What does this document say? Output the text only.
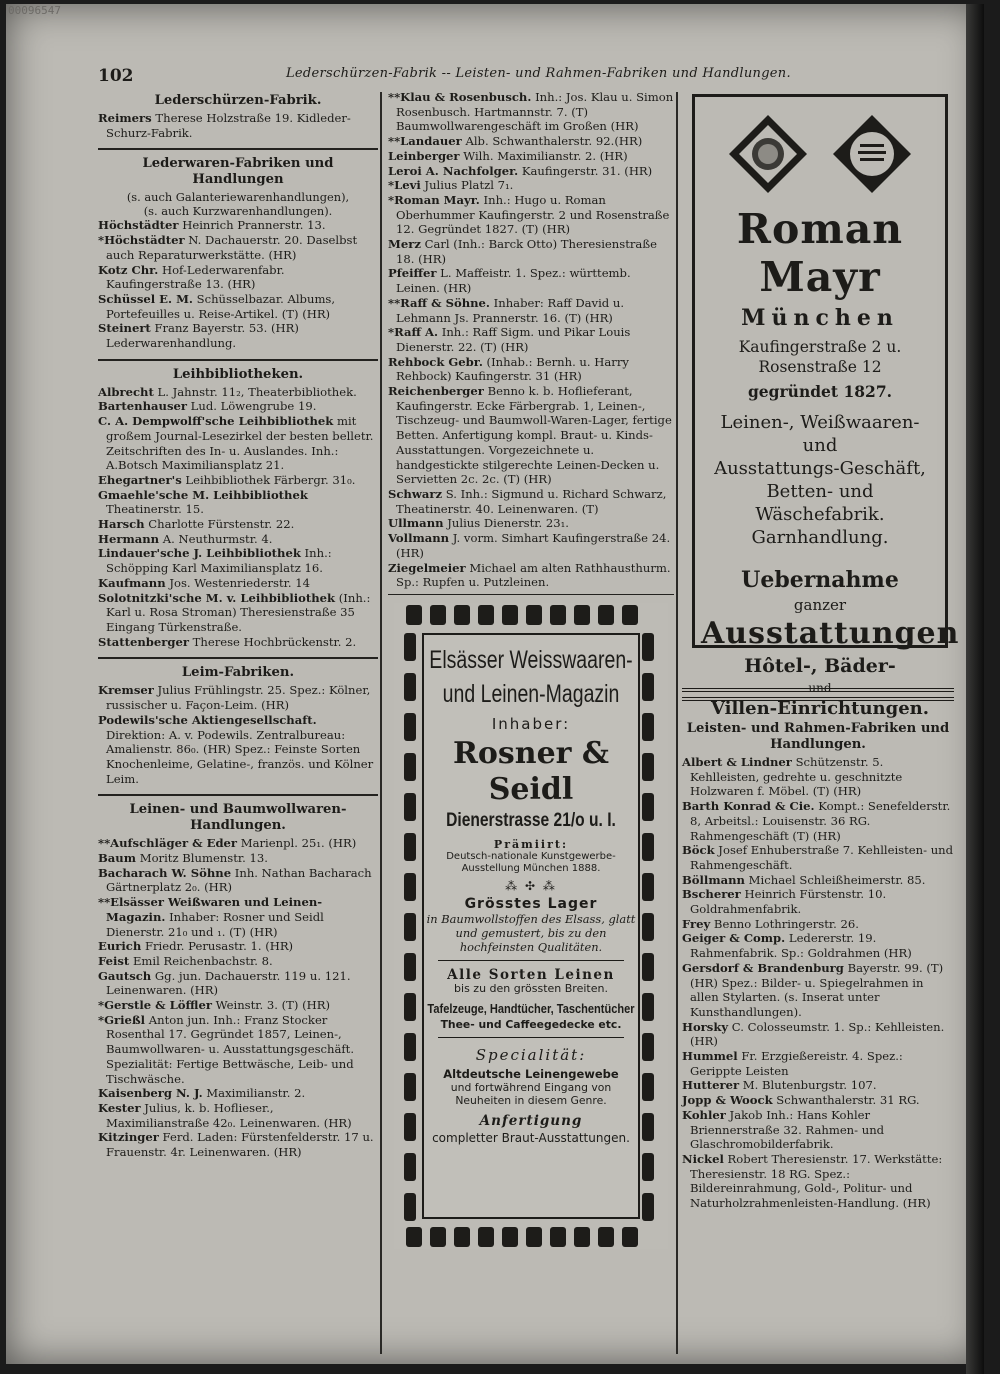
00096547
102	Lederschürzen-Fabrik -- Leisten- und Rahmen-Fabriken und Handlungen.
Lederschürzen-Fabrik.

Reimers Therese Holzstraße 19. Kidleder-Schurz-Fabrik.

Lederwaren-Fabriken und Handlungen
(s. auch Galanteriewarenhandlungen),
(s. auch Kurzwarenhandlungen).

Höchstädter Heinrich Prannerstr. 13.

*Höchstädter N. Dachauerstr. 20. Daselbst auch Reparaturwerkstätte. (HR)

Kotz Chr. Hof-Lederwarenfabr. Kaufingerstraße 13. (HR)

Schüssel E. M. Schüsselbazar. Albums, Portefeuilles u. Reise-Artikel. (T) (HR)

Steinert Franz Bayerstr. 53. (HR) Lederwarenhandlung.

Leihbibliotheken.

Albrecht L. Jahnstr. 11₂, Theaterbibliothek.

Bartenhauser Lud. Löwengrube 19.

C. A. Dempwolff'sche Leihbibliothek mit großem Journal-Lesezirkel der besten belletr. Zeitschriften des In- u. Auslandes. Inh.: A.Botsch Maximiliansplatz 21.

Ehegartner's Leihbibliothek Färbergr. 31₀.

Gmaehle'sche M. Leihbibliothek Theatinerstr. 15.

Harsch Charlotte Fürstenstr. 22.

Hermann A. Neuthurmstr. 4.

Lindauer'sche J. Leihbibliothek Inh.: Schöpping Karl Maximiliansplatz 16.

Kaufmann Jos. Westenriederstr. 14

Solotnitzki'sche M. v. Leihbibliothek (Inh.: Karl u. Rosa Stroman) Theresienstraße 35 Eingang Türkenstraße.

Stattenberger Therese Hochbrückenstr. 2.

Leim-Fabriken.

Kremser Julius Frühlingstr. 25. Spez.: Kölner, russischer u. Façon-Leim. (HR)

Podewils'sche Aktiengesellschaft. Direktion: A. v. Podewils. Zentralbureau: Amalienstr. 86₀. (HR) Spez.: Feinste Sorten Knochenleime, Gelatine-, französ. und Kölner Leim.

Leinen- und Baumwollwaren-Handlungen.

**Aufschläger & Eder Marienpl. 25₁. (HR)

Baum Moritz Blumenstr. 13.

Bacharach W. Söhne Inh. Nathan Bacharach Gärtnerplatz 2₀. (HR)

**Elsässer Weißwaren und Leinen-Magazin. Inhaber: Rosner und Seidl Dienerstr. 21₀ und ₁. (T) (HR)

Eurich Friedr. Perusastr. 1. (HR)

Feist Emil Reichenbachstr. 8.

Gautsch Gg. jun. Dachauerstr. 119 u. 121. Leinenwaren. (HR)

*Gerstle & Löffler Weinstr. 3. (T) (HR)

*Grießl Anton jun. Inh.: Franz Stocker Rosenthal 17. Gegründet 1857, Leinen-, Baumwollwaren- u. Ausstattungsgeschäft. Spezialität: Fertige Bettwäsche, Leib- und Tischwäsche.

Kaisenberg N. J. Maximilianstr. 2.

Kester Julius, k. b. Hoflieser., Maximilianstraße 42₀. Leinenwaren. (HR)

Kitzinger Ferd. Laden: Fürstenfelderstr. 17 u. Frauenstr. 4r. Leinenwaren. (HR)

**Klau & Rosenbusch. Inh.: Jos. Klau u. Simon Rosenbusch. Hartmannstr. 7. (T) Baumwollwarengeschäft im Großen (HR)

**Landauer Alb. Schwanthalerstr. 92.(HR)

Leinberger Wilh. Maximilianstr. 2. (HR)

Leroi A. Nachfolger. Kaufingerstr. 31. (HR)

*Levi Julius Platzl 7₁.

*Roman Mayr. Inh.: Hugo u. Roman Oberhummer Kaufingerstr. 2 und Rosenstraße 12. Gegründet 1827. (T) (HR)

Merz Carl (Inh.: Barck Otto) Theresienstraße 18. (HR)

Pfeiffer L. Maffeistr. 1. Spez.: württemb. Leinen. (HR)

**Raff & Söhne. Inhaber: Raff David u. Lehmann Js. Prannerstr. 16. (T) (HR)

*Raff A. Inh.: Raff Sigm. und Pikar Louis Dienerstr. 22. (T) (HR)

Rehbock Gebr. (Inhab.: Bernh. u. Harry Rehbock) Kaufingerstr. 31 (HR)

Reichenberger Benno k. b. Hoflieferant, Kaufingerstr. Ecke Färbergrab. 1, Leinen-, Tischzeug- und Baumwoll-Waren-Lager, fertige Betten. Anfertigung kompl. Braut- u. Kinds-Ausstattungen. Vorgezeichnete u. handgestickte stilgerechte Leinen-Decken u. Servietten 2c. 2c. (T) (HR)

Schwarz S. Inh.: Sigmund u. Richard Schwarz, Theatinerstr. 40. Leinenwaren. (T)

Ullmann Julius Dienerstr. 23₁.

Vollmann J. vorm. Simhart Kaufingerstraße 24. (HR)

Ziegelmeier Michael am alten Rathhausthurm. Sp.: Rupfen u. Putzleinen.

Elsässer Weisswaaren-
und Leinen-Magazin
Inhaber:
Rosner & Seidl
Dienerstrasse 21/o u. I.
Prämiirt:
Deutsch-nationale Kunstgewerbe-
Ausstellung München 1888.
⁂ ✣ ⁂
Grösstes Lager
in Baumwollstoffen des Elsass, glatt und gemustert, bis zu den hochfeinsten Qualitäten.
Alle Sorten Leinen
bis zu den grössten Breiten.
Tafelzeuge, Handtücher, Taschentücher
Thee- und Caffeegedecke etc.
Specialität:
Altdeutsche Leinengewebe
und fortwährend Eingang von Neuheiten in diesem Genre.
Anfertigung
completter Braut-Ausstattungen.
Roman Mayr
München
Kaufingerstraße 2 u. Rosenstraße 12
gegründet 1827.
Leinen-, Weißwaaren- und
Ausstattungs-Geschäft,
Betten- und Wäschefabrik.
Garnhandlung.
Uebernahme
ganzer
Ausstattungen
Hôtel-, Bäder-
und
Villen-Einrichtungen.
Leisten- und Rahmen-Fabriken und Handlungen.

Albert & Lindner Schützenstr. 5. Kehlleisten, gedrehte u. geschnitzte Holzwaren f. Möbel. (T) (HR)

Barth Konrad & Cie. Kompt.: Senefelderstr. 8, Arbeitsl.: Louisenstr. 36 RG. Rahmengeschäft (T) (HR)

Böck Josef Enhuberstraße 7. Kehlleisten- und Rahmengeschäft.

Böllmann Michael Schleißheimerstr. 85.

Bscherer Heinrich Fürstenstr. 10. Goldrahmenfabrik.

Frey Benno Lothringerstr. 26.

Geiger & Comp. Ledererstr. 19. Rahmenfabrik. Sp.: Goldrahmen (HR)

Gersdorf & Brandenburg Bayerstr. 99. (T) (HR) Spez.: Bilder- u. Spiegelrahmen in allen Stylarten. (s. Inserat unter Kunsthandlungen).

Horsky C. Colosseumstr. 1. Sp.: Kehlleisten. (HR)

Hummel Fr. Erzgießereistr. 4. Spez.: Gerippte Leisten

Hutterer M. Blutenburgstr. 107.

Jopp & Woock Schwanthalerstr. 31 RG.

Kohler Jakob Inh.: Hans Kohler Briennerstraße 32. Rahmen- und Glaschromobilderfabrik.

Nickel Robert Theresienstr. 17. Werkstätte: Theresienstr. 18 RG. Spez.: Bildereinrahmung, Gold-, Politur- und Naturholzrahmenleisten-Handlung. (HR)
